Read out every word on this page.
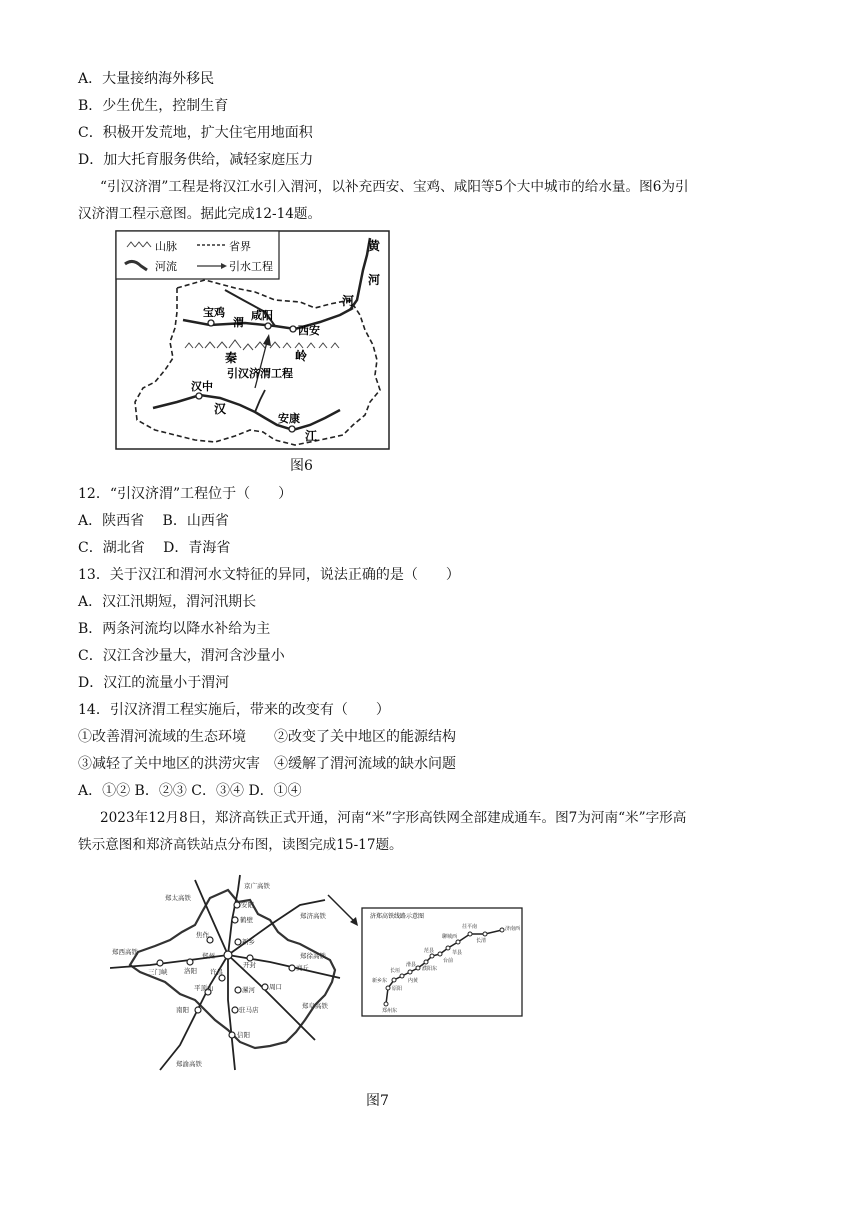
A．大量接纳海外移民
B．少生优生，控制生育
C．积极开发荒地，扩大住宅用地面积
D．加大托育服务供给，减轻家庭压力
“引汉济渭”工程是将汉江水引入渭河，以补充西安、宝鸡、咸阳等5个大中城市的给水量。图6为引
汉济渭工程示意图。据此完成12-14题。
山脉	省界
河流	引水工程
黄
河
河
宝鸡
渭
咸阳
西安
秦	岭
引汉济渭工程
汉中
汉
安康
江
图6
12．“引汉济渭”工程位于（　　）
A．陕西省　 B．山西省
C．湖北省　 D．青海省
13．关于汉江和渭河水文特征的异同，说法正确的是（　　）
A．汉江汛期短，渭河汛期长
B．两条河流均以降水补给为主
C．汉江含沙量大，渭河含沙量小
D．汉江的流量小于渭河
14．引汉济渭工程实施后，带来的改变有（　　）
①改善渭河流域的生态环境　　②改变了关中地区的能源结构
③减轻了关中地区的洪涝灾害　④缓解了渭河流域的缺水问题
A．①② B．②③ C．③④ D．①④
2023年12月8日，郑济高铁正式开通，河南“米”字形高铁网全部建成通车。图7为河南“米”字形高
铁示意图和郑济高铁站点分布图，读图完成15-17题。
安阳
鹤壁
焦作
新乡
三门峡	洛阳
郑州
开封	商丘
许昌
平顶山	漯河 周口
南阳	驻马店
信阳
郑太高铁
京广高铁
郑济高铁
郑西高铁	郑徐高铁
郑阜高铁
郑渝高铁
济郑高铁线路示意图
济南西
长清
茌平南
聊城西
莘县
台前
范县
濮阳东
内黄
滑县
长垣
原阳
新乡东
郑州东
图7
